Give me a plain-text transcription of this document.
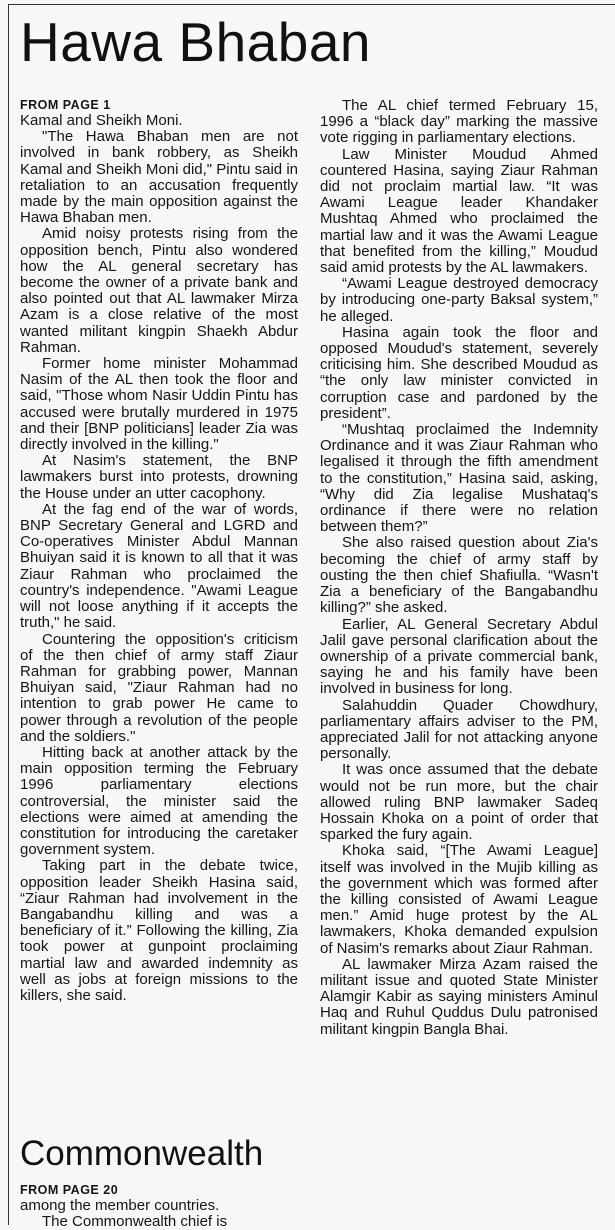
Hawa Bhaban
FROM PAGE 1

Kamal and Sheikh Moni.

"The Hawa Bhaban men are not involved in bank robbery, as Sheikh Kamal and Sheikh Moni did," Pintu said in retaliation to an accusation frequently made by the main opposition against the Hawa Bhaban men.

Amid noisy protests rising from the opposition bench, Pintu also wondered how the AL general secretary has become the owner of a private bank and also pointed out that AL lawmaker Mirza Azam is a close relative of the most wanted militant kingpin Shaekh Abdur Rahman.

Former home minister Mohammad Nasim of the AL then took the floor and said, "Those whom Nasir Uddin Pintu has accused were brutally murdered in 1975 and their [BNP politicians] leader Zia was directly involved in the killing."

At Nasim's statement, the BNP lawmakers burst into protests, drowning the House under an utter cacophony.

At the fag end of the war of words, BNP Secretary General and LGRD and Co-operatives Minister Abdul Mannan Bhuiyan said it is known to all that it was Ziaur Rahman who proclaimed the country's independence. "Awami League will not loose anything if it accepts the truth," he said.

Countering the opposition's criticism of the then chief of army staff Ziaur Rahman for grabbing power, Mannan Bhuiyan said, "Ziaur Rahman had no intention to grab power He came to power through a revolution of the people and the soldiers."

Hitting back at another attack by the main opposition terming the February 1996 parliamentary elections controversial, the minister said the elections were aimed at amending the constitution for introducing the caretaker government system.

Taking part in the debate twice, opposition leader Sheikh Hasina said, “Ziaur Rahman had involvement in the Bangabandhu killing and was a beneficiary of it.” Following the killing, Zia took power at gunpoint proclaiming martial law and awarded indemnity as well as jobs at foreign missions to the killers, she said.

The AL chief termed February 15, 1996 a “black day” marking the massive vote rigging in parliamentary elections.

Law Minister Moudud Ahmed countered Hasina, saying Ziaur Rahman did not proclaim martial law. “It was Awami League leader Khandaker Mushtaq Ahmed who proclaimed the martial law and it was the Awami League that benefited from the killing,” Moudud said amid protests by the AL lawmakers.

“Awami League destroyed democracy by introducing one-party Baksal system,” he alleged.

Hasina again took the floor and opposed Moudud's statement, severely criticising him. She described Moudud as “the only law minister convicted in corruption case and pardoned by the president”.

“Mushtaq proclaimed the Indemnity Ordinance and it was Ziaur Rahman who legalised it through the fifth amendment to the constitution,” Hasina said, asking, “Why did Zia legalise Mushataq's ordinance if there were no relation between them?”

She also raised question about Zia's becoming the chief of army staff by ousting the then chief Shafiulla. “Wasn't Zia a beneficiary of the Bangabandhu killing?” she asked.

Earlier, AL General Secretary Abdul Jalil gave personal clarification about the ownership of a private commercial bank, saying he and his family have been involved in business for long.

Salahuddin Quader Chowdhury, parliamentary affairs adviser to the PM, appreciated Jalil for not attacking anyone personally.

It was once assumed that the debate would not be run more, but the chair allowed ruling BNP lawmaker Sadeq Hossain Khoka on a point of order that sparked the fury again.

Khoka said, “[The Awami League] itself was involved in the Mujib killing as the government which was formed after the killing consisted of Awami League men.” Amid huge protest by the AL lawmakers, Khoka demanded expulsion of Nasim's remarks about Ziaur Rahman.

AL lawmaker Mirza Azam raised the militant issue and quoted State Minister Alamgir Kabir as saying ministers Aminul Haq and Ruhul Quddus Dulu patronised militant kingpin Bangla Bhai.

Commonwealth
FROM PAGE 20

among the member countries.

The Commonwealth chief is
